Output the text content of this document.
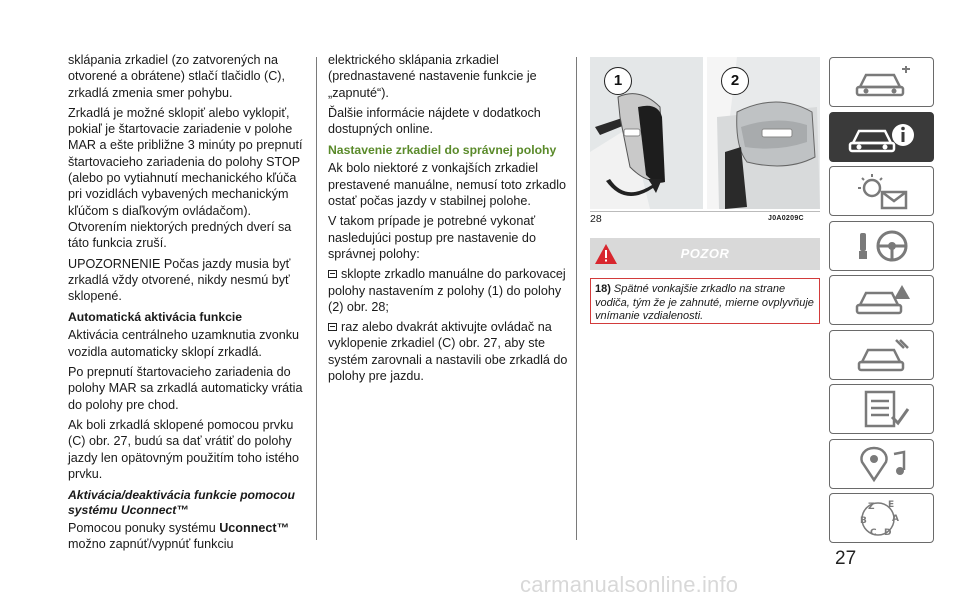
sklápania zrkadiel (zo zatvorených na otvorené a obrátene) stlačí tlačidlo (C), zrkadlá zmenia smer pohybu.

Zrkadlá je možné sklopiť alebo vyklopiť, pokiaľ je štartovacie zariadenie v polohe MAR a ešte približne 3 minúty po prepnutí štartovacieho zariadenia do polohy STOP (alebo po vytiahnutí mechanického kľúča pri vozidlách vybavených mechanickým kľúčom s diaľkovým ovládačom). Otvorením niektorých predných dverí sa táto funkcia zruší.

UPOZORNENIE Počas jazdy musia byť zrkadlá vždy otvorené, nikdy nesmú byť sklopené.

Automatická aktivácia funkcie

Aktivácia centrálneho uzamknutia zvonku vozidla automaticky sklopí zrkadlá.

Po prepnutí štartovacieho zariadenia do polohy MAR sa zrkadlá automaticky vrátia do polohy pre chod.

Ak boli zrkadlá sklopené pomocou prvku (C) obr. 27, budú sa dať vrátiť do polohy jazdy len opätovným použitím toho istého prvku.

Aktivácia/deaktivácia funkcie pomocou systému Uconnect™

Pomocou ponuky systému Uconnect™ možno zapnúť/vypnúť funkciu

elektrického sklápania zrkadiel (prednastavené nastavenie funkcie je „zapnuté“).

Ďalšie informácie nájdete v dodatkoch dostupných online.

Nastavenie zrkadiel do správnej polohy

Ak bolo niektoré z vonkajších zrkadiel prestavené manuálne, nemusí toto zrkadlo ostať počas jazdy v stabilnej polohe.

V takom prípade je potrebné vykonať nasledujúci postup pre nastavenie do správnej polohy:

sklopte zrkadlo manuálne do parkovacej polohy nastavením z polohy (1) do polohy (2) obr. 28;

raz alebo dvakrát aktivujte ovládač na vyklopenie zrkadiel (C) obr. 27, aby ste systém zarovnali a nastavili obe zrkadlá do polohy pre jazdu.

1	2
28	J0A0209C
POZOR
18) Spätné vonkajšie zrkadlo na strane vodiča, tým že je zahnuté, mierne ovplyvňuje vnímanie vzdialenosti.
Z E
B	A
C D
27
carmanualsonline.info
